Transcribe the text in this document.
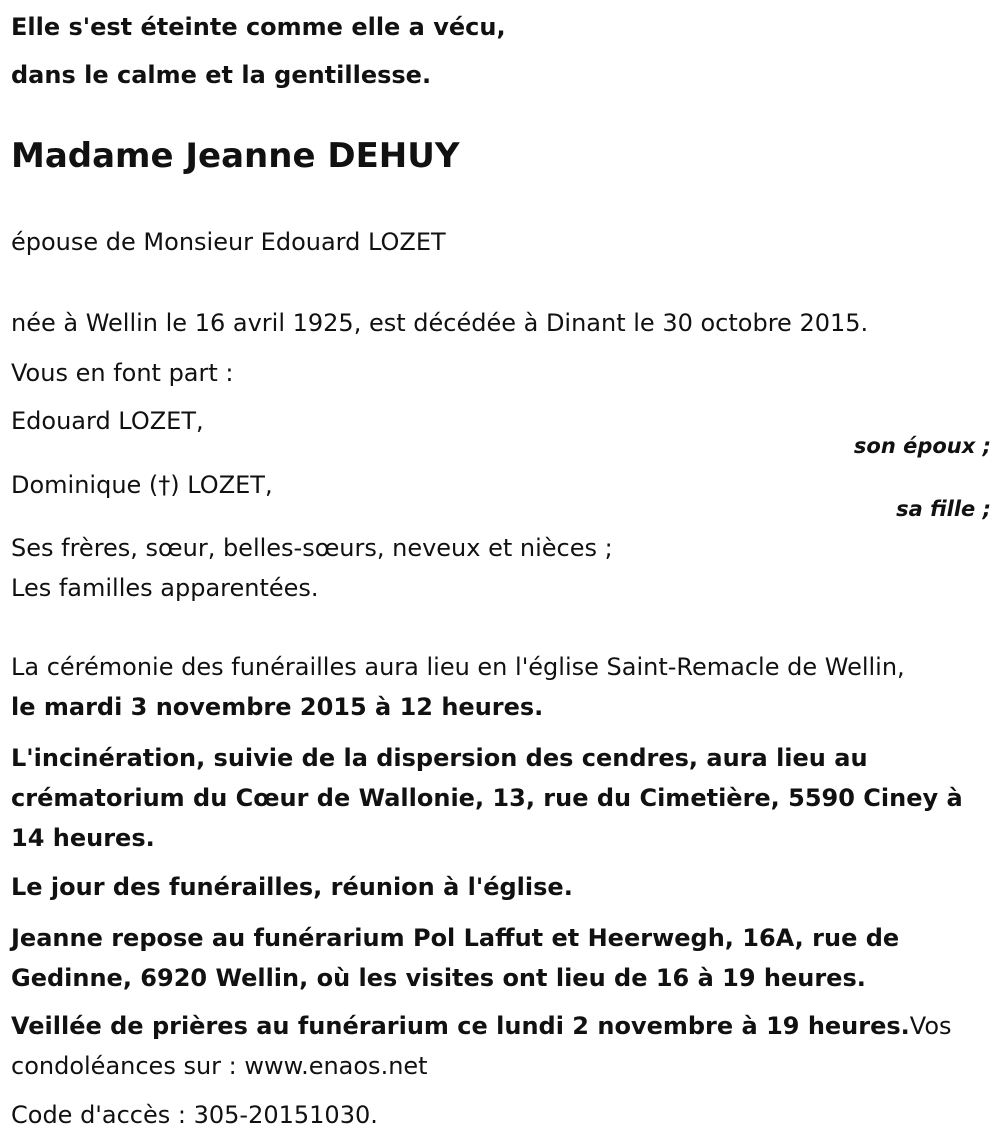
Elle s'est éteinte comme elle a vécu,
dans le calme et la gentillesse.
Madame Jeanne DEHUY
épouse de Monsieur Edouard LOZET
née à Wellin le 16 avril 1925, est décédée à Dinant le 30 octobre 2015.
Vous en font part :
Edouard LOZET,
son époux ;
Dominique (†) LOZET,
sa fille ;
Ses frères, sœur, belles-sœurs, neveux et nièces ;
Les familles apparentées.
La cérémonie des funérailles aura lieu en l'église Saint-Remacle de Wellin,
le mardi 3 novembre 2015 à 12 heures.
L'incinération, suivie de la dispersion des cendres, aura lieu au crématorium du Cœur de Wallonie, 13, rue du Cimetière, 5590 Ciney à 14 heures.
Le jour des funérailles, réunion à l'église.
Jeanne repose au funérarium Pol Laffut et Heerwegh, 16A, rue de Gedinne, 6920 Wellin, où les visites ont lieu de 16 à 19 heures.
Veillée de prières au funérarium ce lundi 2 novembre à 19 heures.Vos condoléances sur : www.enaos.net
Code d'accès : 305-20151030.
